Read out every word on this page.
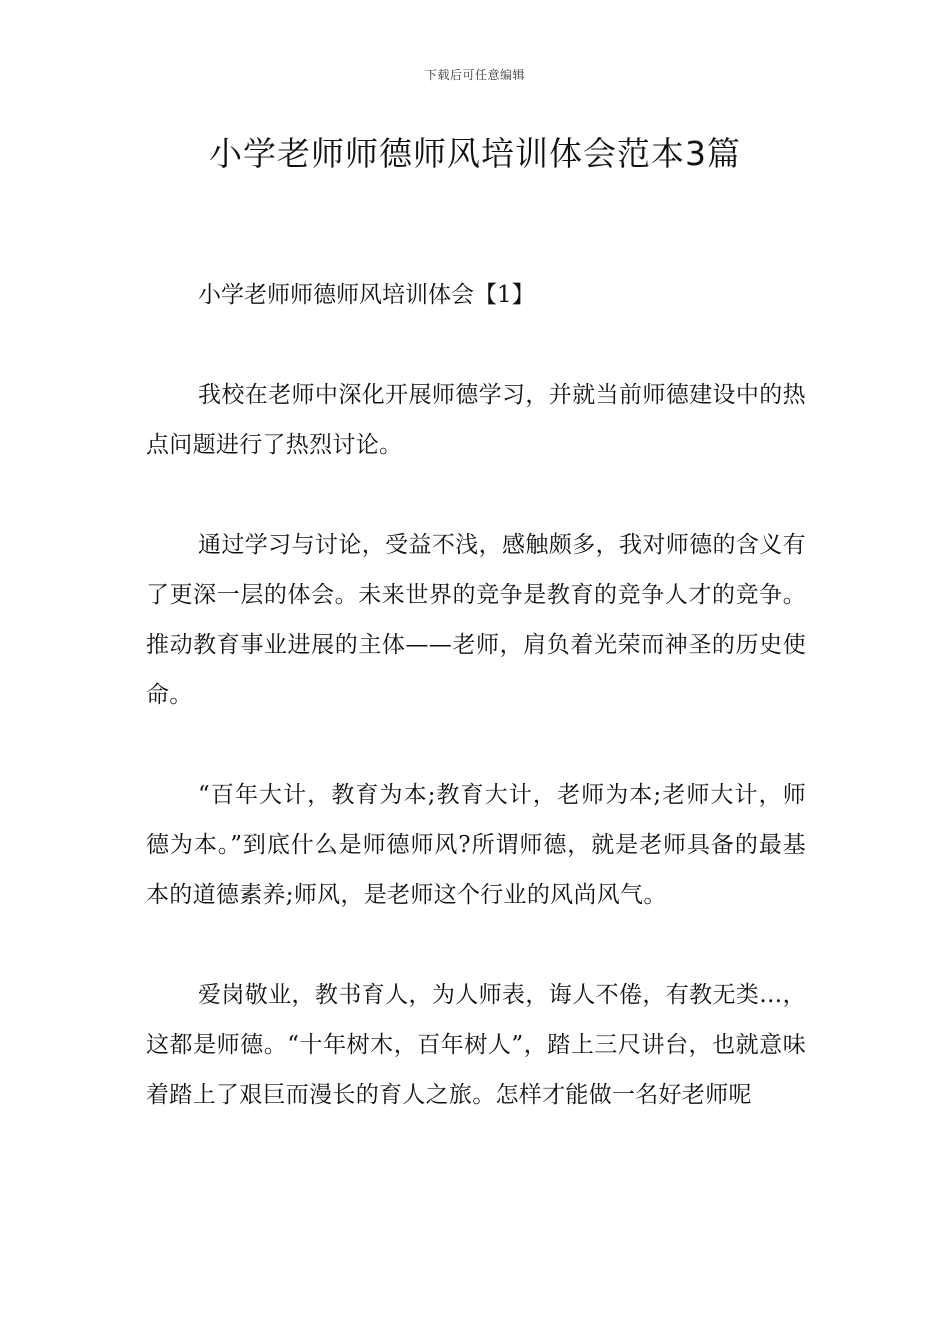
下载后可任意编辑
小学老师师德师风培训体会范本3篇

小学老师师德师风培训体会【1】

我校在老师中深化开展师德学习，并就当前师德建设中的热点问题进行了热烈讨论。

通过学习与讨论，受益不浅，感触颇多，我对师德的含义有了更深一层的体会。未来世界的竞争是教育的竞争人才的竞争。推动教育事业进展的主体——老师，肩负着光荣而神圣的历史使命。

“百年大计，教育为本;教育大计，老师为本;老师大计，师德为本。”到底什么是师德师风?所谓师德，就是老师具备的最基本的道德素养;师风，是老师这个行业的风尚风气。

爱岗敬业，教书育人，为人师表，诲人不倦，有教无类…，这都是师德。“十年树木，百年树人”，踏上三尺讲台，也就意味着踏上了艰巨而漫长的育人之旅。怎样才能做一名好老师呢
